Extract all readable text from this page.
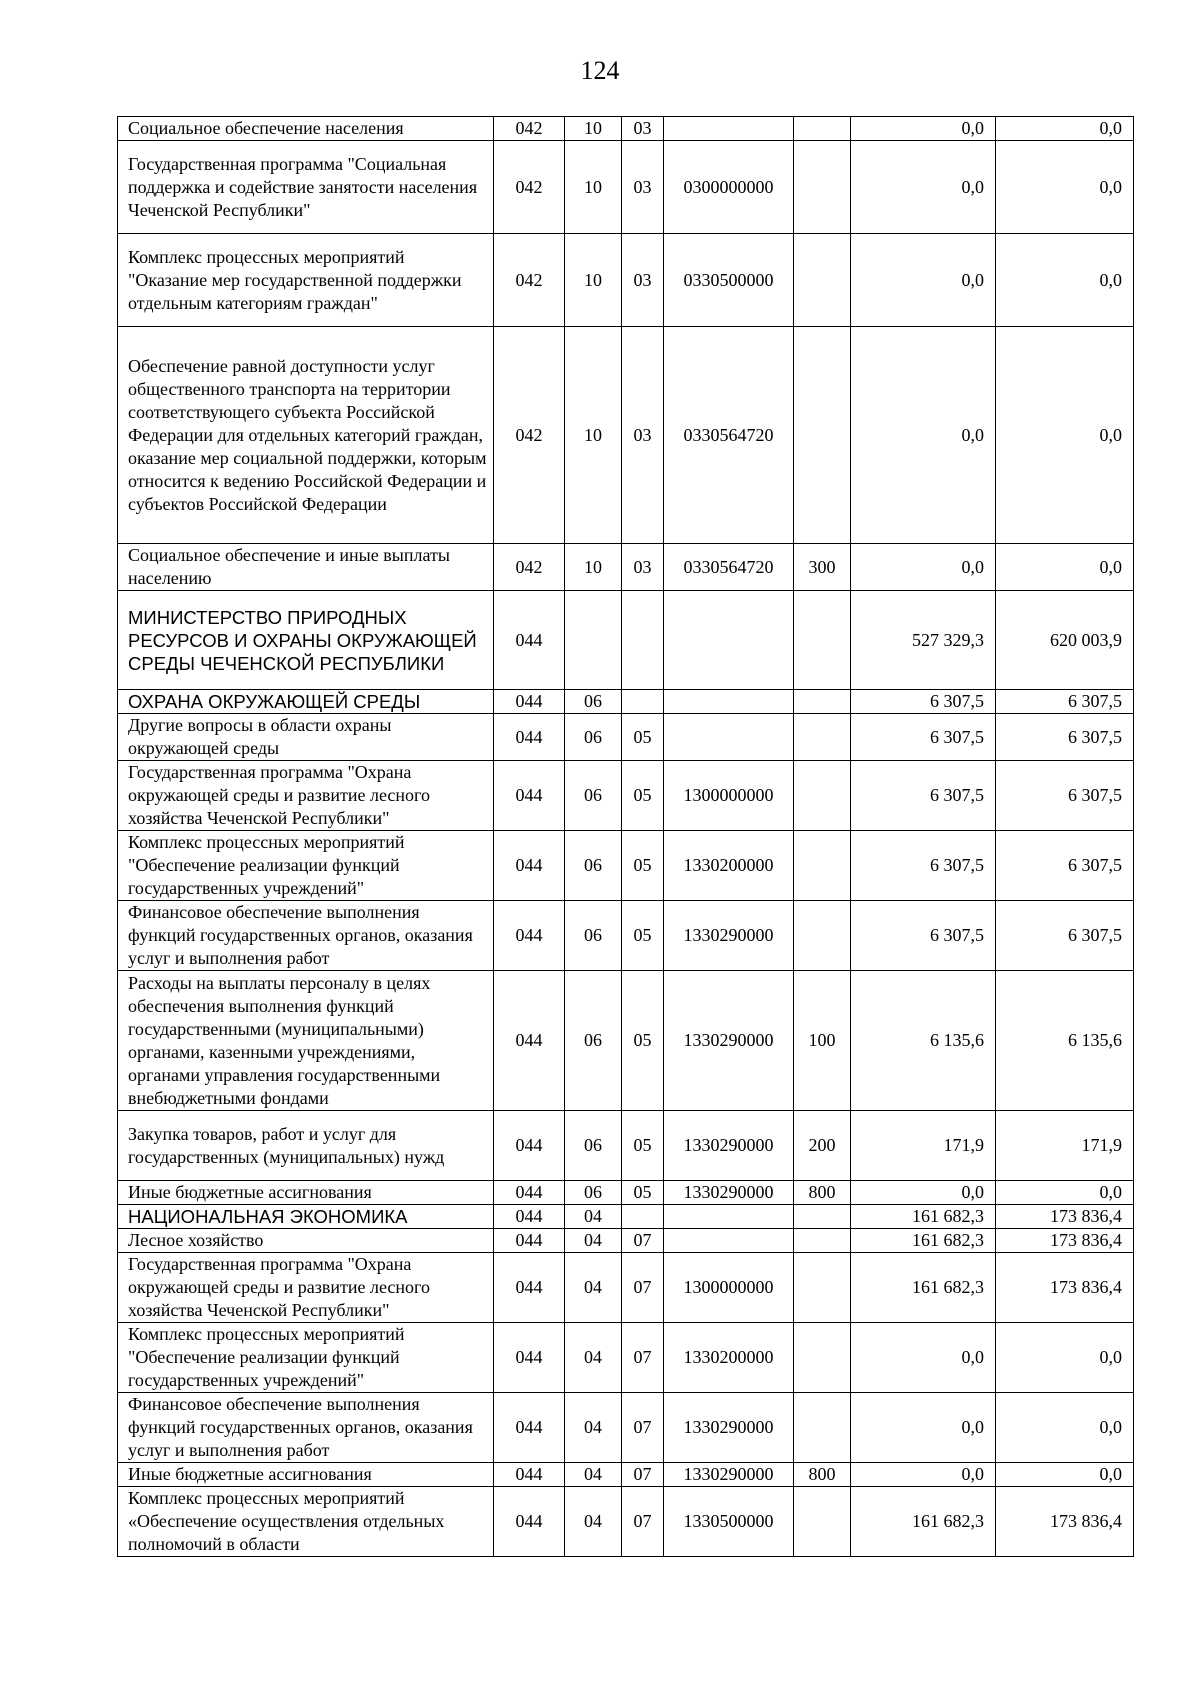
124
Социальное обеспечение населения	042	10	03			0,0	0,0
Государственная программа "Социальная поддержка и содействие занятости населения Чеченской Республики"	042	10	03	0300000000		0,0	0,0
Комплекс процессных мероприятий "Оказание мер государственной поддержки отдельным категориям граждан"	042	10	03	0330500000		0,0	0,0
Обеспечение равной доступности услуг общественного транспорта на территории соответствующего субъекта Российской Федерации для отдельных категорий граждан, оказание мер социальной поддержки, которым относится к ведению Российской Федерации и субъектов Российской Федерации	042	10	03	0330564720		0,0	0,0
Социальное обеспечение и иные выплаты населению	042	10	03	0330564720	300	0,0	0,0
МИНИСТЕРСТВО ПРИРОДНЫХ РЕСУРСОВ И ОХРАНЫ ОКРУЖАЮЩЕЙ СРЕДЫ ЧЕЧЕНСКОЙ РЕСПУБЛИКИ	044					527 329,3	620 003,9
ОХРАНА ОКРУЖАЮЩЕЙ СРЕДЫ	044	06				6 307,5	6 307,5
Другие вопросы в области охраны окружающей среды	044	06	05			6 307,5	6 307,5
Государственная программа "Охрана окружающей среды и развитие лесного хозяйства Чеченской Республики"	044	06	05	1300000000		6 307,5	6 307,5
Комплекс процессных мероприятий "Обеспечение реализации функций государственных учреждений"	044	06	05	1330200000		6 307,5	6 307,5
Финансовое обеспечение выполнения функций государственных органов, оказания услуг и выполнения работ	044	06	05	1330290000		6 307,5	6 307,5
Расходы на выплаты персоналу в целях обеспечения выполнения функций государственными (муниципальными) органами, казенными учреждениями, органами управления государственными внебюджетными фондами	044	06	05	1330290000	100	6 135,6	6 135,6
Закупка товаров, работ и услуг для государственных (муниципальных) нужд	044	06	05	1330290000	200	171,9	171,9
Иные бюджетные ассигнования	044	06	05	1330290000	800	0,0	0,0
НАЦИОНАЛЬНАЯ ЭКОНОМИКА	044	04				161 682,3	173 836,4
Лесное хозяйство	044	04	07			161 682,3	173 836,4
Государственная программа "Охрана окружающей среды и развитие лесного хозяйства Чеченской Республики"	044	04	07	1300000000		161 682,3	173 836,4
Комплекс процессных мероприятий "Обеспечение реализации функций государственных учреждений"	044	04	07	1330200000		0,0	0,0
Финансовое обеспечение выполнения функций государственных органов, оказания услуг и выполнения работ	044	04	07	1330290000		0,0	0,0
Иные бюджетные ассигнования	044	04	07	1330290000	800	0,0	0,0
Комплекс процессных мероприятий «Обеспечение осуществления отдельных полномочий в области	044	04	07	1330500000		161 682,3	173 836,4
